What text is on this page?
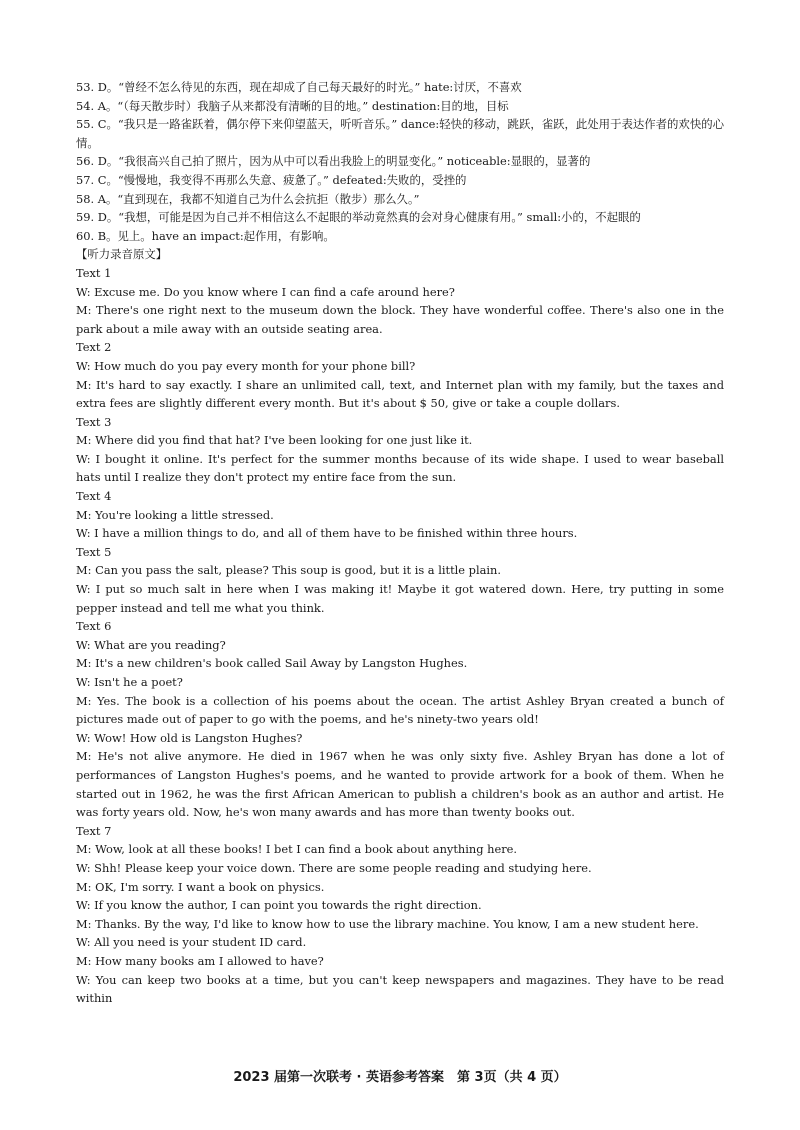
53. D。“曾经不怎么待见的东西，现在却成了自己每天最好的时光。” hate:讨厌，不喜欢
54. A。“（每天散步时）我脑子从来都没有清晰的目的地。” destination:目的地，目标
55. C。“我只是一路雀跃着，偶尔停下来仰望蓝天，听听音乐。” dance:轻快的移动，跳跃，雀跃，此处用于表达作者的欢快的心情。
56. D。“我很高兴自己拍了照片，因为从中可以看出我脸上的明显变化。” noticeable:显眼的，显著的
57. C。“慢慢地，我变得不再那么失意、疲惫了。” defeated:失败的，受挫的
58. A。“直到现在，我都不知道自己为什么会抗拒（散步）那么久。”
59. D。“我想，可能是因为自己并不相信这么不起眼的举动竟然真的会对身心健康有用。” small:小的，不起眼的
60. B。见上。have an impact:起作用，有影响。
【听力录音原文】
Text 1
W: Excuse me. Do you know where I can find a cafe around here?
M: There's one right next to the museum down the block. They have wonderful coffee. There's also one in the park about a mile away with an outside seating area.
Text 2
W: How much do you pay every month for your phone bill?
M: It's hard to say exactly. I share an unlimited call, text, and Internet plan with my family, but the taxes and extra fees are slightly different every month. But it's about $ 50, give or take a couple dollars.
Text 3
M: Where did you find that hat? I've been looking for one just like it.
W: I bought it online. It's perfect for the summer months because of its wide shape. I used to wear baseball hats until I realize they don't protect my entire face from the sun.
Text 4
M: You're looking a little stressed.
W: I have a million things to do, and all of them have to be finished within three hours.
Text 5
M: Can you pass the salt, please? This soup is good, but it is a little plain.
W: I put so much salt in here when I was making it! Maybe it got watered down. Here, try putting in some pepper instead and tell me what you think.
Text 6
W: What are you reading?
M: It's a new children's book called Sail Away by Langston Hughes.
W: Isn't he a poet?
M: Yes. The book is a collection of his poems about the ocean. The artist Ashley Bryan created a bunch of pictures made out of paper to go with the poems, and he's ninety-two years old!
W: Wow! How old is Langston Hughes?
M: He's not alive anymore. He died in 1967 when he was only sixty five. Ashley Bryan has done a lot of performances of Langston Hughes's poems, and he wanted to provide artwork for a book of them. When he started out in 1962, he was the first African American to publish a children's book as an author and artist. He was forty years old. Now, he's won many awards and has more than twenty books out.
Text 7
M: Wow, look at all these books! I bet I can find a book about anything here.
W: Shh! Please keep your voice down. There are some people reading and studying here.
M: OK, I'm sorry. I want a book on physics.
W: If you know the author, I can point you towards the right direction.
M: Thanks. By the way, I'd like to know how to use the library machine. You know, I am a new student here.
W: All you need is your student ID card.
M: How many books am I allowed to have?
W: You can keep two books at a time, but you can't keep newspapers and magazines. They have to be read within
2023 届第一次联考 · 英语参考答案　第 3页（共 4 页）
